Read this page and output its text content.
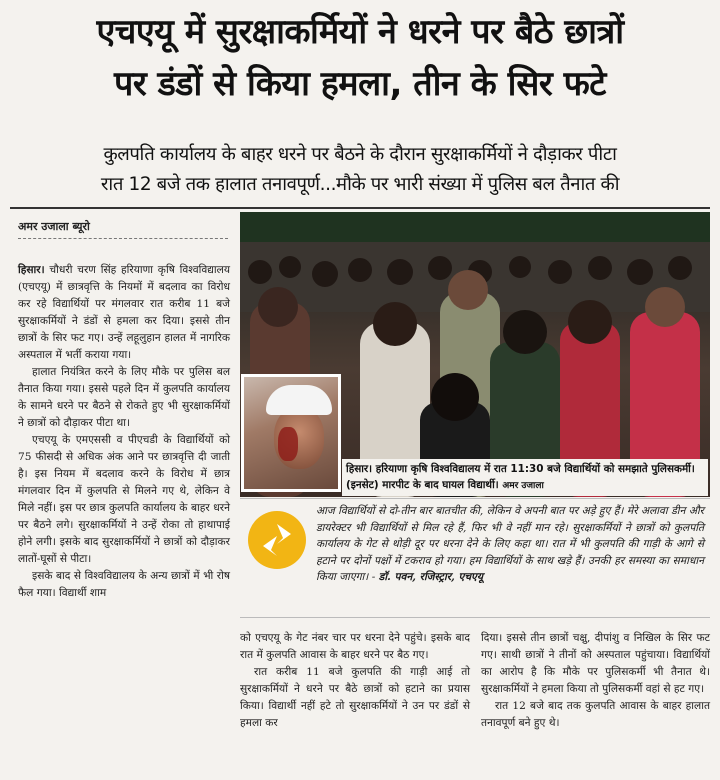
एचएयू में सुरक्षाकर्मियों ने धरने पर बैठे छात्रों
पर डंडों से किया हमला, तीन के सिर फटे
कुलपति कार्यालय के बाहर धरने पर बैठने के दौरान सुरक्षाकर्मियों ने दौड़ाकर पीटा
रात 12 बजे तक हालात तनावपूर्ण...मौके पर भारी संख्या में पुलिस बल तैनात की
अमर उजाला ब्यूरो

हिसार। चौधरी चरण सिंह हरियाणा कृषि विश्वविद्यालय (एचएयू) में छात्रवृत्ति के नियमों में बदलाव का विरोध कर रहे विद्यार्थियों पर मंगलवार रात करीब 11 बजे सुरक्षाकर्मियों ने डंडों से हमला कर दिया। इससे तीन छात्रों के सिर फट गए। उन्हें लहूलुहान हालत में नागरिक अस्पताल में भर्ती कराया गया।

हालात नियंत्रित करने के लिए मौके पर पुलिस बल तैनात किया गया। इससे पहले दिन में कुलपति कार्यालय के सामने धरने पर बैठने से रोकते हुए भी सुरक्षाकर्मियों ने छात्रों को दौड़ाकर पीटा था।

एचएयू के एमएससी व पीएचडी के विद्यार्थियों को 75 फीसदी से अधिक अंक आने पर छात्रवृत्ति दी जाती है। इस नियम में बदलाव करने के विरोध में छात्र मंगलवार दिन में कुलपति से मिलने गए थे, लेकिन वे मिले नहीं। इस पर छात्र कुलपति कार्यालय के बाहर धरने पर बैठने लगे। सुरक्षाकर्मियों ने उन्हें रोका तो हाथापाई होने लगी। इसके बाद सुरक्षाकर्मियों ने छात्रों को दौड़ाकर लातों-घूसों से पीटा।

इसके बाद से विश्वविद्यालय के अन्य छात्रों में भी रोष फैल गया। विद्यार्थी शाम

हिसार। हरियाणा कृषि विश्वविद्यालय में रात 11:30 बजे विद्यार्थियों को समझाते पुलिसकर्मी। (इनसेट) मारपीट के बाद घायल विद्यार्थी। अमर उजाला
आज विद्यार्थियों से दो-तीन बार बातचीत की, लेकिन वे अपनी बात पर अड़े हुए हैं। मेरे अलावा डीन और डायरेक्टर भी विद्यार्थियों से मिल रहे हैं, फिर भी वे नहीं मान रहे। सुरक्षाकर्मियों ने छात्रों को कुलपति कार्यालय के गेट से थोड़ी दूर पर धरना देने के लिए कहा था। रात में भी कुलपति की गाड़ी के आगे से हटाने पर दोनों पक्षों में टकराव हो गया। हम विद्यार्थियों के साथ खड़े हैं। उनकी हर समस्या का समाधान किया जाएगा। - डॉ. पवन, रजिस्ट्रार, एचएयू

को एचएयू के गेट नंबर चार पर धरना देने पहुंचे। इसके बाद रात में कुलपति आवास के बाहर धरने पर बैठ गए।

रात करीब 11 बजे कुलपति की गाड़ी आई तो सुरक्षाकर्मियों ने धरने पर बैठे छात्रों को हटाने का प्रयास किया। विद्यार्थी नहीं हटे तो सुरक्षाकर्मियों ने उन पर डंडों से हमला कर

दिया। इससे तीन छात्रों चक्षु, दीपांशु व निखिल के सिर फट गए। साथी छात्रों ने तीनों को अस्पताल पहुंचाया। विद्यार्थियों का आरोप है कि मौके पर पुलिसकर्मी भी तैनात थे। सुरक्षाकर्मियों ने हमला किया तो पुलिसकर्मी वहां से हट गए।

रात 12 बजे बाद तक कुलपति आवास के बाहर हालात तनावपूर्ण बने हुए थे।
